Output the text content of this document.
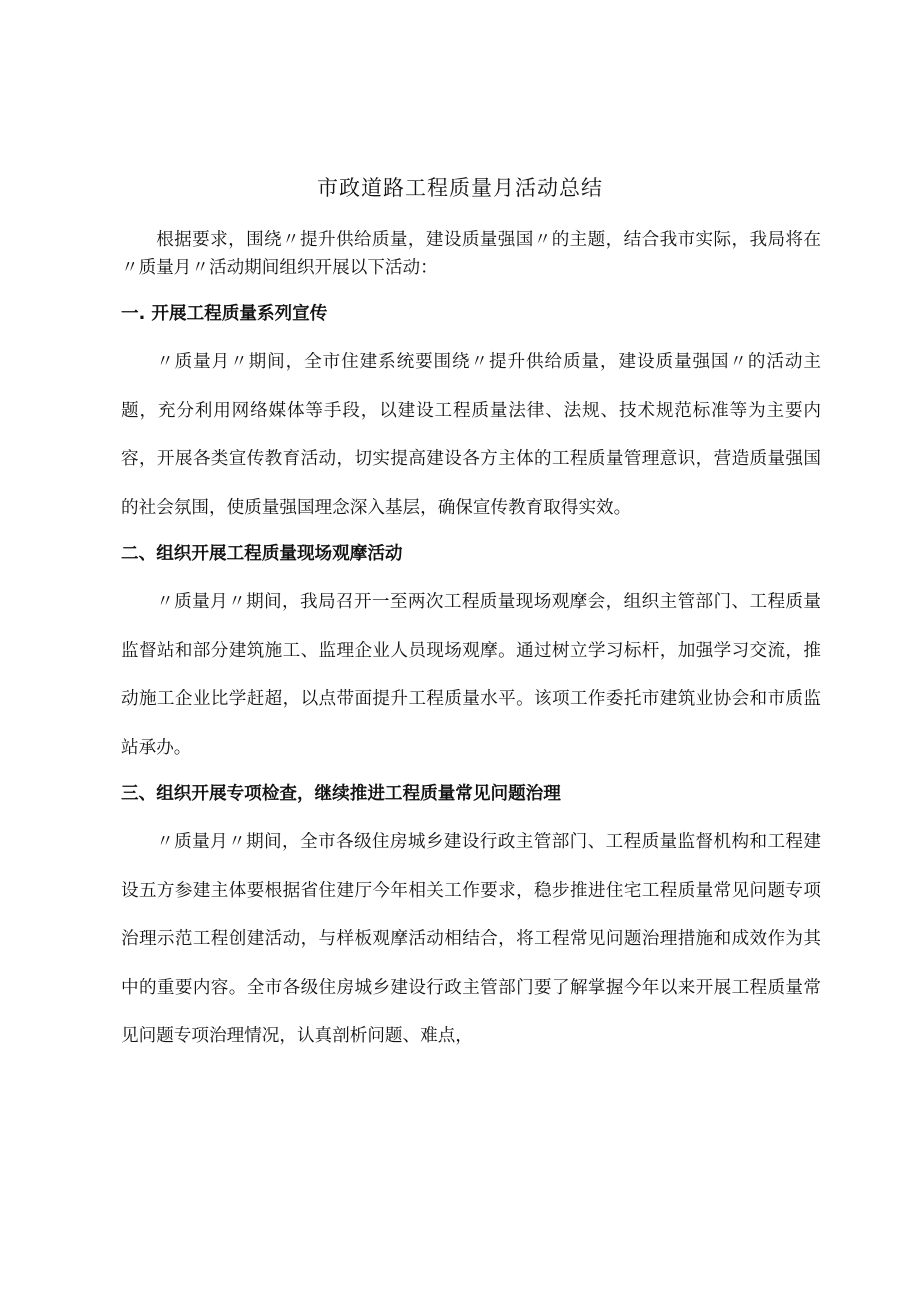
市政道路工程质量月活动总结

根据要求，围绕〃提升供给质量，建设质量强国〃的主题，结合我市实际，我局将在〃质量月〃活动期间组织开展以下活动：

一. 开展工程质量系列宣传

〃质量月〃期间，全市住建系统要围绕〃提升供给质量，建设质量强国〃的活动主题，充分利用网络媒体等手段，以建设工程质量法律、法规、技术规范标准等为主要内容，开展各类宣传教育活动，切实提高建设各方主体的工程质量管理意识，营造质量强国的社会氛围，使质量强国理念深入基层，确保宣传教育取得实效。

二、组织开展工程质量现场观摩活动

〃质量月〃期间，我局召开一至两次工程质量现场观摩会，组织主管部门、工程质量监督站和部分建筑施工、监理企业人员现场观摩。通过树立学习标杆，加强学习交流，推动施工企业比学赶超，以点带面提升工程质量水平。该项工作委托市建筑业协会和市质监站承办。

三、组织开展专项检查，继续推进工程质量常见问题治理

〃质量月〃期间，全市各级住房城乡建设行政主管部门、工程质量监督机构和工程建设五方参建主体要根据省住建厅今年相关工作要求，稳步推进住宅工程质量常见问题专项治理示范工程创建活动，与样板观摩活动相结合，将工程常见问题治理措施和成效作为其中的重要内容。全市各级住房城乡建设行政主管部门要了解掌握今年以来开展工程质量常见问题专项治理情况，认真剖析问题、难点，
